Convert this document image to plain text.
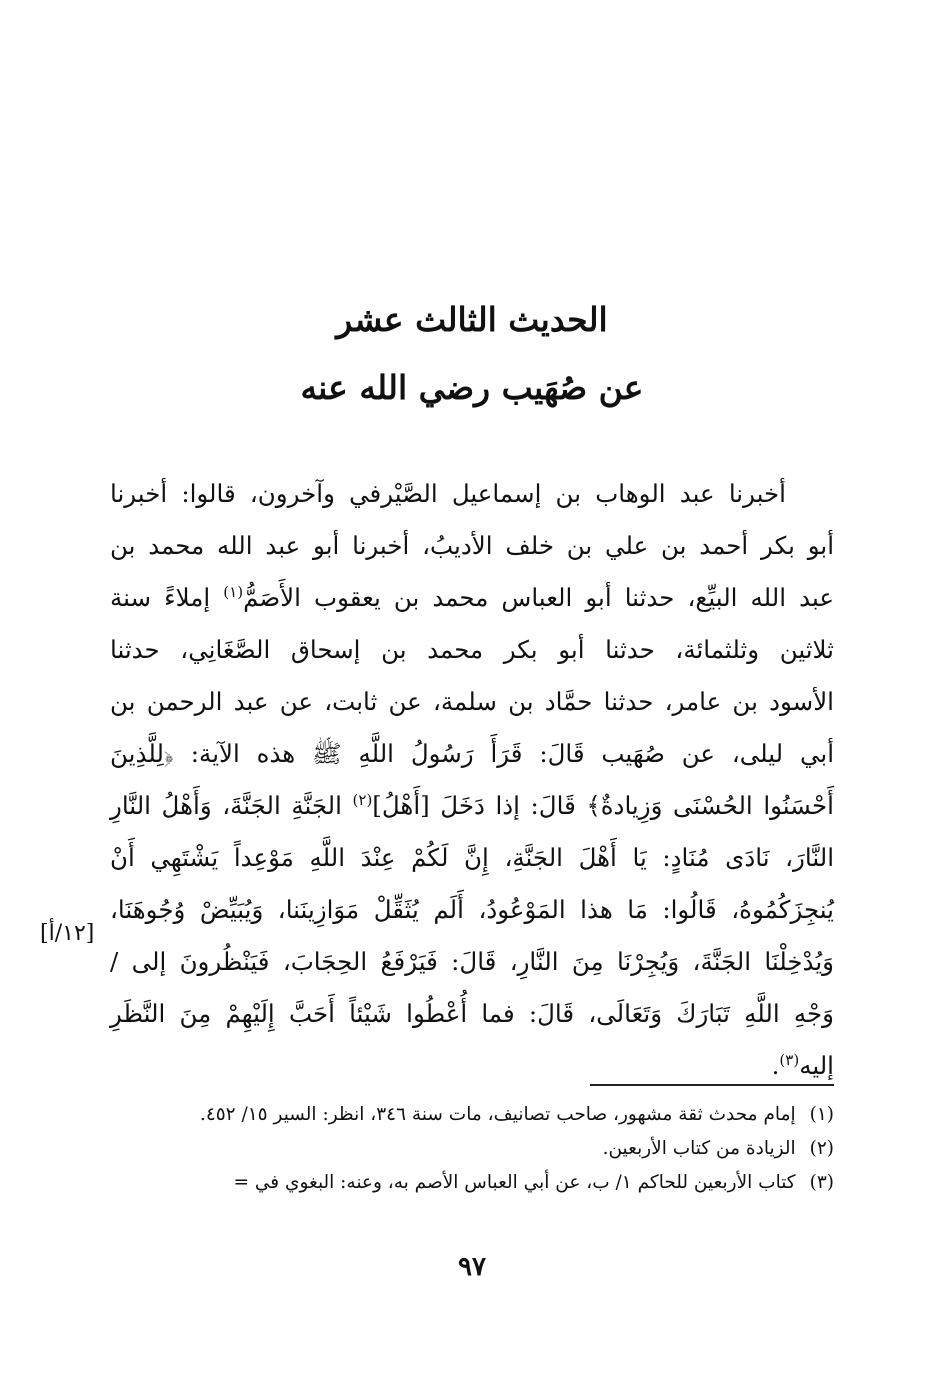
الحديث الثالث عشر
عن صُهَيب رضي الله عنه
أخبرنا عبد الوهاب بن إسماعيل الصَّيْرفي وآخرون، قالوا: أخبرنا
أبو بكر أحمد بن علي بن خلف الأديبُ، أخبرنا أبو عبد الله محمد بن
عبد الله البيِّع، حدثنا أبو العباس محمد بن يعقوب الأَصَمُّ$^{(١)}$ إملاءً سنة
ثلاثين وثلثمائة، حدثنا أبو بكر محمد بن إسحاق الصَّغَانِي، حدثنا
الأسود بن عامر، حدثنا حمَّاد بن سلمة، عن ثابت، عن عبد الرحمن بن
أبي ليلى، عن صُهَيب قَالَ: قَرَأَ رَسُولُ اللَّهِ ﷺ هذه الآية: ﴿لِلَّذِينَ
أَحْسَنُوا الحُسْنَى وَزِيادةٌ﴾ قَالَ: إذا دَخَلَ [أَهْلُ]$^{(٢)}$ الجَنَّةِ الجَنَّةَ، وَأَهْلُ النَّارِ
النَّارَ، نَادَى مُنَادٍ: يَا أَهْلَ الجَنَّةِ، إِنَّ لَكُمْ عِنْدَ اللَّهِ مَوْعِداً يَشْتَهِي أَنْ
يُنجِزَكُمُوهُ، قَالُوا: مَا هذا المَوْعُودُ، أَلَم يُثَقِّلْ مَوَازِينَنا، وَيُبَيِّضْ وُجُوهَنَا،
وَيُدْخِلْنَا الجَنَّةَ، وَيُجِرْنَا مِنَ النَّارِ، قَالَ: فَيَرْفَعُ الحِجَابَ، فَيَنْظُرونَ إلى /
وَجْهِ اللَّهِ تَبَارَكَ وَتَعَالَى، قَالَ: فما أُعْطُوا شَيْئاً أَحَبَّ إِلَيْهِمْ مِنَ النَّظَرِ
إليه$^{(٣)}$.
[١٢/أ]
(١)إمام محدث ثقة مشهور، صاحب تصانيف، مات سنة ٣٤٦، انظر: السير ١٥/ ٤٥٢.
(٢)الزيادة من كتاب الأربعين.
(٣)كتاب الأربعين للحاكم ١/ ب، عن أبي العباس الأصم به، وعنه: البغوي في =
٩٧
